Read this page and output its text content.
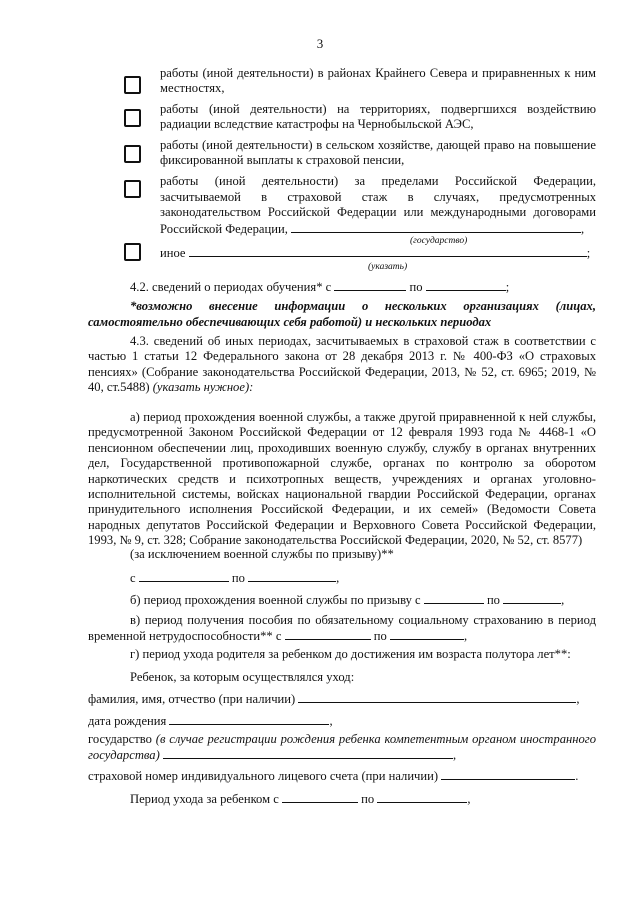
3
работы (иной деятельности) в районах Крайнего Севера и приравненных к ним местностях,
работы (иной деятельности) на территориях, подвергшихся воздействию радиации вследствие катастрофы на Чернобыльской АЭС,
работы (иной деятельности) в сельском хозяйстве, дающей право на повышение фиксированной выплаты к страховой пенсии,
работы (иной деятельности) за пределами Российской Федерации, засчитываемой в страховой стаж в случаях, предусмотренных законодательством Российской Федерации или международными договорами Российской Федерации,	,
(государство)
иное	;
(указать)
4.2. сведений о периодах обучения* с	по	;
*возможно внесение информации о нескольких организациях (лицах, самостоятельно обеспечивающих себя работой) и нескольких периодах
4.3. сведений об иных периодах, засчитываемых в страховой стаж в соответствии с частью 1 статьи 12 Федерального закона от 28 декабря 2013 г. № 400-ФЗ «О страховых пенсиях» (Собрание законодательства Российской Федерации, 2013, № 52, ст. 6965; 2019, № 40, ст.5488) (указать нужное):
а) период прохождения военной службы, а также другой приравненной к ней службы, предусмотренной Законом Российской Федерации от 12 февраля 1993 года № 4468-1 «О пенсионном обеспечении лиц, проходивших военную службу, службу в органах внутренних дел, Государственной противопожарной службе, органах по контролю за оборотом наркотических средств и психотропных веществ, учреждениях и органах уголовно-исполнительной системы, войсках национальной гвардии Российской Федерации, органах принудительного исполнения Российской Федерации, и их семей» (Ведомости Совета народных депутатов Российской Федерации и Верховного Совета Российской Федерации, 1993, № 9, ст. 328; Собрание законодательства Российской Федерации, 2020, № 52, ст. 8577)
(за исключением военной службы по призыву)**
с	по	,
б) период прохождения военной службы по призыву с	по	,
в) период получения пособия по обязательному социальному страхованию в период временной нетрудоспособности** с	по	,
г) период ухода родителя за ребенком до достижения им возраста полутора лет**:
Ребенок, за которым осуществлялся уход:
фамилия, имя, отчество (при наличии)	,
дата рождения	,
государство (в случае регистрации рождения ребенка компетентным органом иностранного государства)	,
страховой номер индивидуального лицевого счета (при наличии)	.
Период ухода за ребенком с	по	,
